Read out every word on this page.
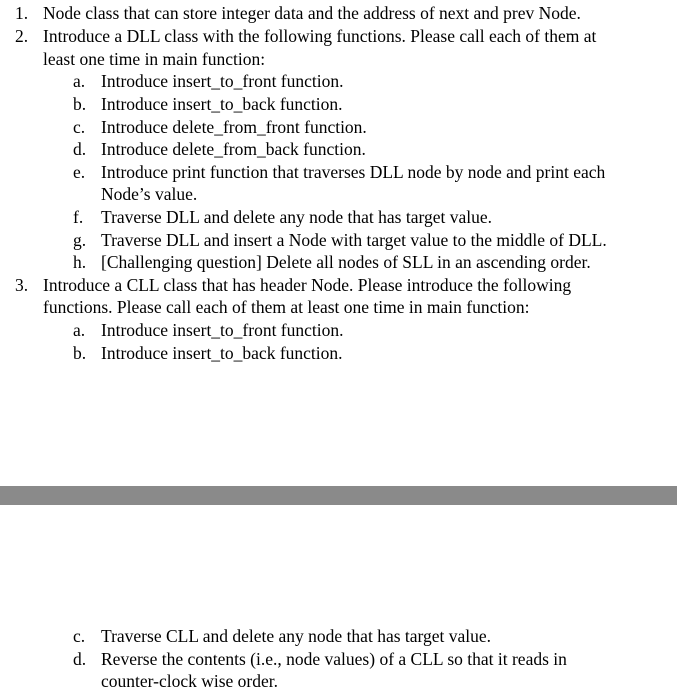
1. Node class that can store integer data and the address of next and prev Node.
2. Introduce a DLL class with the following functions. Please call each of them at
least one time in main function:
a. Introduce insert_to_front function.
b. Introduce insert_to_back function.
c. Introduce delete_from_front function.
d. Introduce delete_from_back function.
e. Introduce print function that traverses DLL node by node and print each
Node’s value.
f. Traverse DLL and delete any node that has target value.
g. Traverse DLL and insert a Node with target value to the middle of DLL.
h. [Challenging question] Delete all nodes of SLL in an ascending order.
3. Introduce a CLL class that has header Node. Please introduce the following
functions. Please call each of them at least one time in main function:
a. Introduce insert_to_front function.
b. Introduce insert_to_back function.
c. Traverse CLL and delete any node that has target value.
d. Reverse the contents (i.e., node values) of a CLL so that it reads in
counter-clock wise order.
